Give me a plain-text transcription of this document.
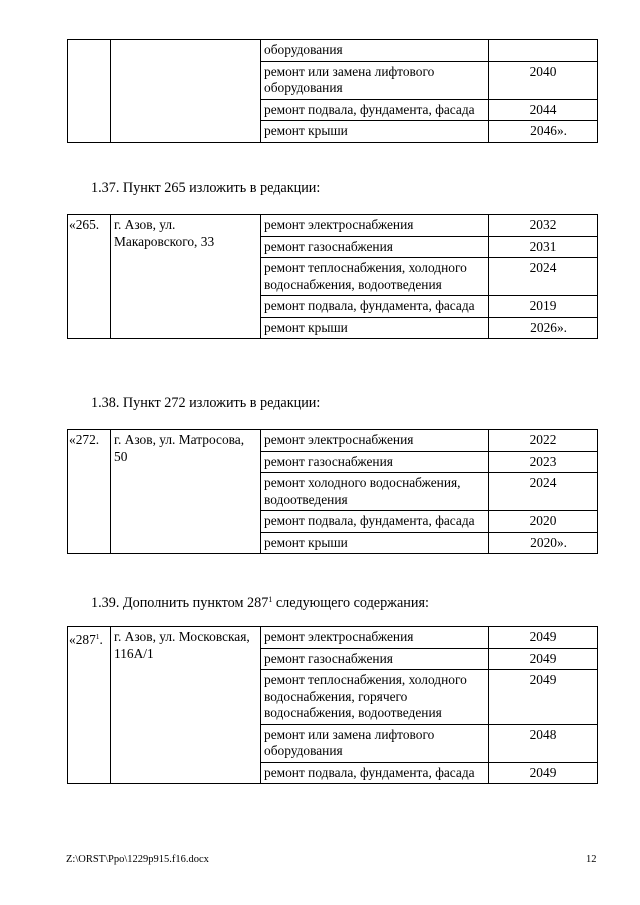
		оборудования	
		ремонт или замена лифтового оборудования	2040
		ремонт подвала, фундамента, фасада	2044
		ремонт крыши	2046».
1.37. Пункт 265 изложить в редакции:
«265.	г. Азов, ул. Макаровского, 33	ремонт электроснабжения	2032
		ремонт газоснабжения	2031
		ремонт теплоснабжения, холодного водоснабжения, водоотведения	2024
		ремонт подвала, фундамента, фасада	2019
		ремонт крыши	2026».
1.38. Пункт 272 изложить в редакции:
«272.	г. Азов, ул. Матросова, 50	ремонт электроснабжения	2022
		ремонт газоснабжения	2023
		ремонт холодного водоснабжения, водоотведения	2024
		ремонт подвала, фундамента, фасада	2020
		ремонт крыши	2020».
1.39. Дополнить пунктом $287^1$ следующего содержания:
«$287^1$.	г. Азов, ул. Московская, 116А/1	ремонт электроснабжения	2049
		ремонт газоснабжения	2049
		ремонт теплоснабжения, холодного водоснабжения, горячего водоснабжения, водоотведения	2049
		ремонт или замена лифтового оборудования	2048
		ремонт подвала, фундамента, фасада	2049
Z:\ORST\Ppo\1229p915.f16.docx	12
